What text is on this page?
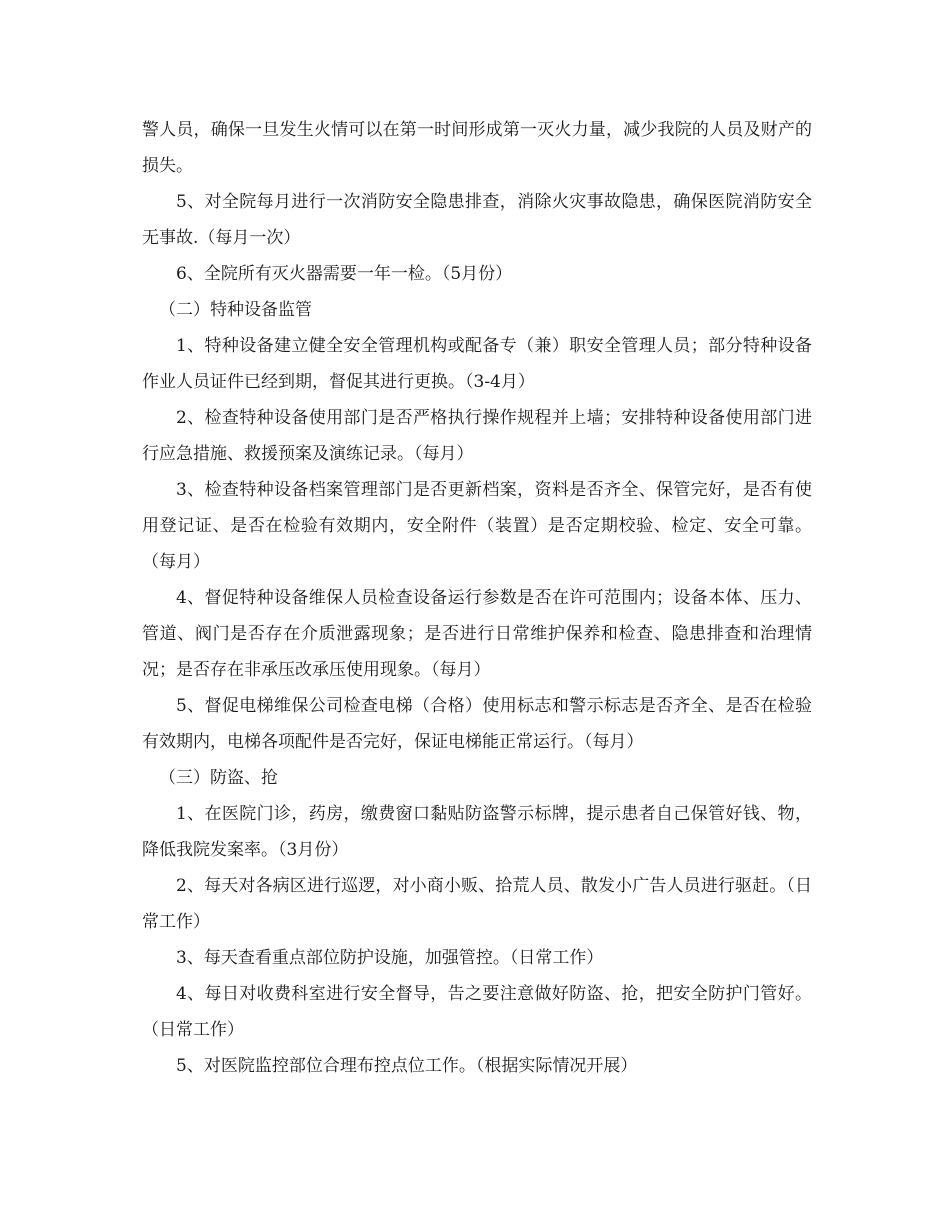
警人员，确保一旦发生火情可以在第一时间形成第一灭火力量，减少我院的人员及财产的损失。

5、对全院每月进行一次消防安全隐患排查，消除火灾事故隐患，确保医院消防安全无事故.（每月一次）

6、全院所有灭火器需要一年一检。（5月份）

（二）特种设备监管

1、特种设备建立健全安全管理机构或配备专（兼）职安全管理人员；部分特种设备作业人员证件已经到期，督促其进行更换。（3-4月）

2、检查特种设备使用部门是否严格执行操作规程并上墙；安排特种设备使用部门进行应急措施、救援预案及演练记录。（每月）

3、检查特种设备档案管理部门是否更新档案，资料是否齐全、保管完好，是否有使用登记证、是否在检验有效期内，安全附件（装置）是否定期校验、检定、安全可靠。（每月）

4、督促特种设备维保人员检查设备运行参数是否在许可范围内；设备本体、压力、管道、阀门是否存在介质泄露现象；是否进行日常维护保养和检查、隐患排查和治理情况；是否存在非承压改承压使用现象。（每月）

5、督促电梯维保公司检查电梯（合格）使用标志和警示标志是否齐全、是否在检验有效期内，电梯各项配件是否完好，保证电梯能正常运行。（每月）

（三）防盗、抢

1、在医院门诊，药房，缴费窗口黏贴防盗警示标牌，提示患者自己保管好钱、物，降低我院发案率。（3月份）

2、每天对各病区进行巡逻，对小商小贩、拾荒人员、散发小广告人员进行驱赶。（日常工作）

3、每天查看重点部位防护设施，加强管控。（日常工作）

4、每日对收费科室进行安全督导，告之要注意做好防盗、抢，把安全防护门管好。（日常工作）

5、对医院监控部位合理布控点位工作。（根据实际情况开展）
